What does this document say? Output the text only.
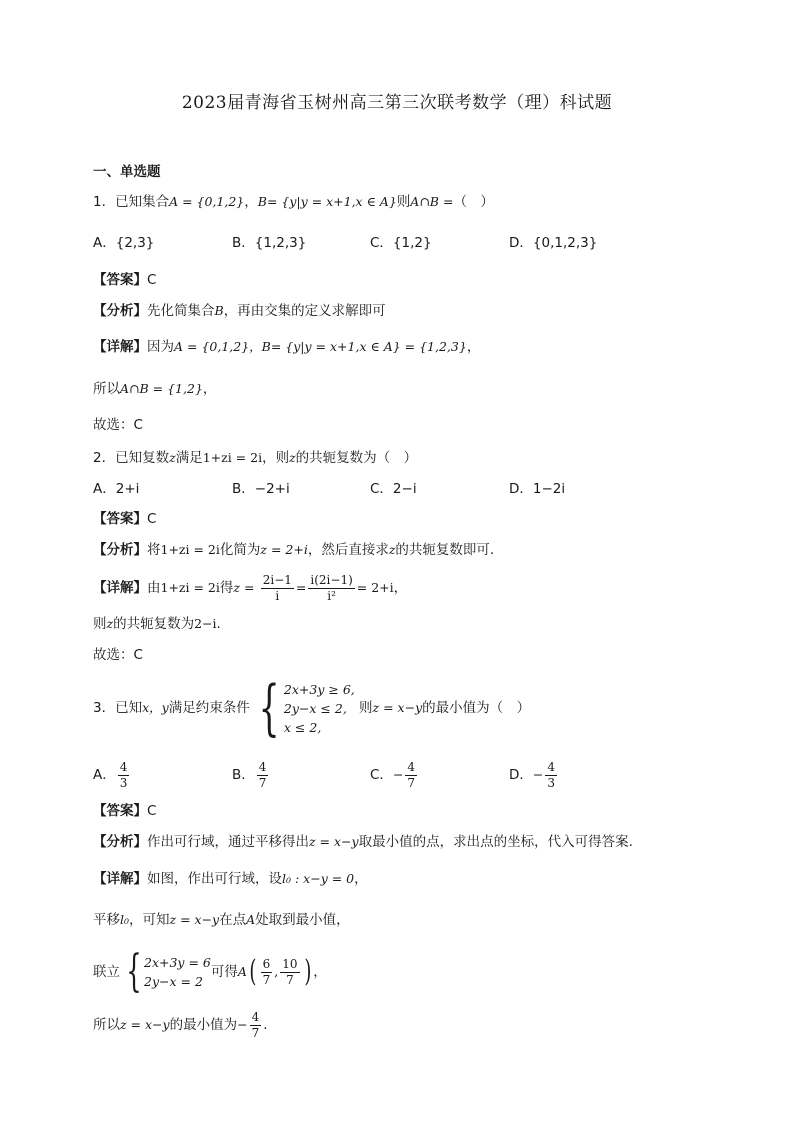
2023届青海省玉树州高三第三次联考数学（理）科试题
一、单选题
1．已知集合A = {0,1,2}，B= {y|y = x+1,x ∈ A}则A∩B =（　）
A．{2,3}	B．{1,2,3}	C．{1,2}	D．{0,1,2,3}
【答案】C
【分析】先化简集合B，再由交集的定义求解即可
【详解】因为A = {0,1,2}，B= {y|y = x+1,x ∈ A} = {1,2,3}，
所以A∩B = {1,2}，
故选：C
2．已知复数z满足1+zi = 2i，则z的共轭复数为（　）
A．2+i	B．−2+i	C．2−i	D．1−2i
【答案】C
【分析】将1+zi = 2i化简为z = 2+i，然后直接求z的共轭复数即可.
【详解】由1+zi = 2i得$z = \frac{2i-1}{i} = \frac{i(2i-1)}{\text{i²}} = 2+i$，
则z的共轭复数为2−i.
故选：C
3．已知x，y满足约束条件 { 2x+3y ≥ 6,
2y−x ≤ 2,
x ≤ 2,
则z = x−y的最小值为（　）
A． $\frac{4}{3}$	B． $\frac{4}{7}$	C．− $\frac{4}{7}$	D．− $\frac{4}{3}$
【答案】C
【分析】作出可行域，通过平移得出z = x−y取最小值的点，求出点的坐标，代入可得答案.
【详解】如图，作出可行域，设l₀ : x−y = 0，
平移l₀，可知z = x−y在点A处取到最小值，
联立 { 2x+3y = 6
2y−x = 2
可得$A( \frac{6}{7}$ , $\frac{10}{7}$ ) ，
所以z = x−y的最小值为− $\frac{4}{7}$ .
